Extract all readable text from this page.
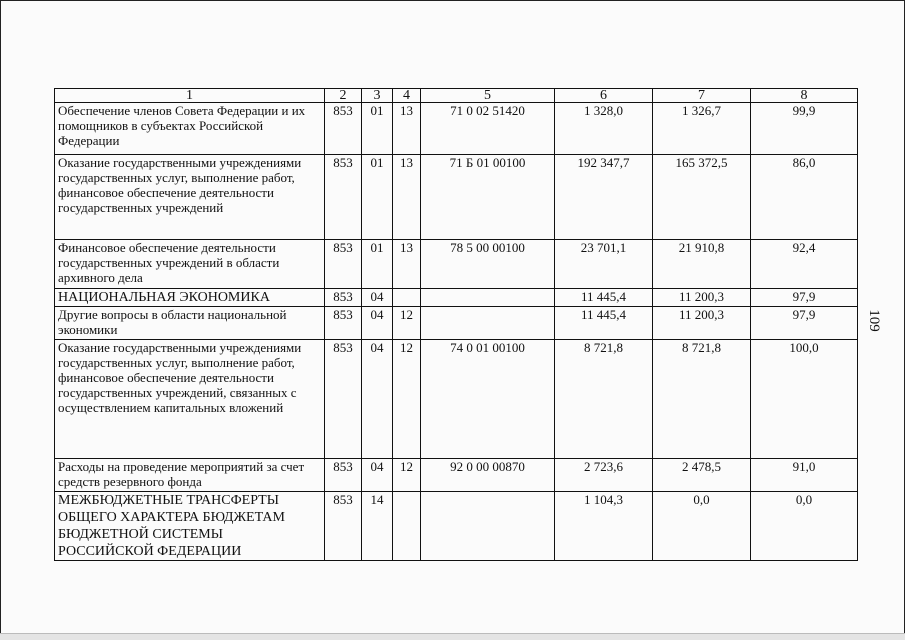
1	2	3	4	5	6	7	8
Обеспечение членов Совета Федерации и их помощников в субъектах Российской Федерации	853	01	13	71 0 02 51420	1 328,0	1 326,7	99,9
Оказание государственными учреждениями государственных услуг, выполнение работ, финансовое обеспечение деятельности государственных учреждений	853	01	13	71 Б 01 00100	192 347,7	165 372,5	86,0
Финансовое обеспечение деятельности государственных учреждений в области архивного дела	853	01	13	78 5 00 00100	23 701,1	21 910,8	92,4
НАЦИОНАЛЬНАЯ ЭКОНОМИКА	853	04			11 445,4	11 200,3	97,9
Другие вопросы в области национальной экономики	853	04	12		11 445,4	11 200,3	97,9
Оказание государственными учреждениями государственных услуг, выполнение работ, финансовое обеспечение деятельности государственных учреждений, связанных с осуществлением капитальных вложений	853	04	12	74 0 01 00100	8 721,8	8 721,8	100,0
Расходы на проведение мероприятий за счет средств резервного фонда	853	04	12	92 0 00 00870	2 723,6	2 478,5	91,0
МЕЖБЮДЖЕТНЫЕ ТРАНСФЕРТЫ ОБЩЕГО ХАРАКТЕРА БЮДЖЕТАМ БЮДЖЕТНОЙ СИСТЕМЫ РОССИЙСКОЙ ФЕДЕРАЦИИ	853	14			1 104,3	0,0	0,0
109
